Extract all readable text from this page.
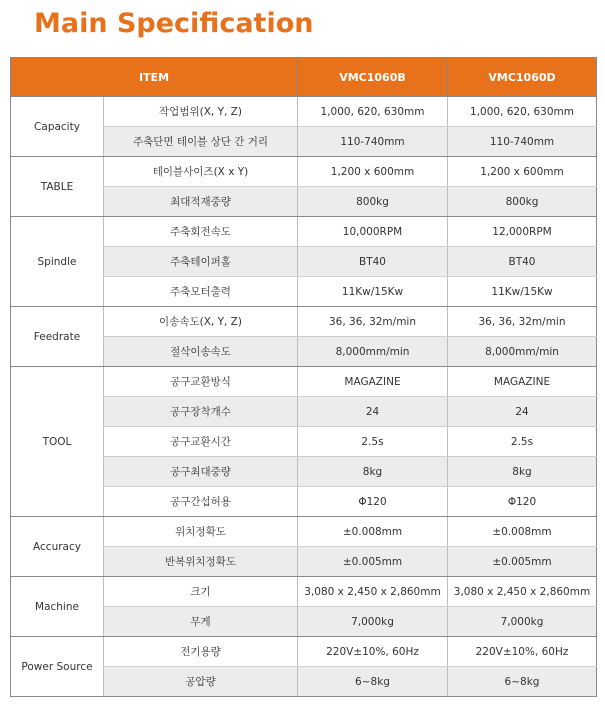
Main Specification
ITEM		VMC1060B	VMC1060D
Capacity	작업범위(X, Y, Z)	1,000, 620, 630mm	1,000, 620, 630mm
	주축단면 테이블 상단 간 거리	110-740mm	110-740mm
TABLE	테이블사이즈(X x Y)	1,200 x 600mm	1,200 x 600mm
	최대적재중량	800kg	800kg
Spindle	주축회전속도	10,000RPM	12,000RPM
	주축테이퍼홀	BT40	BT40
	주축모터출력	11Kw/15Kw	11Kw/15Kw
Feedrate	이송속도(X, Y, Z)	36, 36, 32m/min	36, 36, 32m/min
	절삭이송속도	8,000mm/min	8,000mm/min
TOOL	공구교환방식	MAGAZINE	MAGAZINE
	공구장착개수	24	24
	공구교환시간	2.5s	2.5s
	공구최대중량	8kg	8kg
	공구간섭허용	Φ120	Φ120
Accuracy	위치정확도	±0.008mm	±0.008mm
	반복위치정확도	±0.005mm	±0.005mm
Machine	크기	3,080 x 2,450 x 2,860mm	3,080 x 2,450 x 2,860mm
	무게	7,000kg	7,000kg
Power Source	전기용량	220V±10%, 60Hz	220V±10%, 60Hz
	공압량	6~8kg	6~8kg
